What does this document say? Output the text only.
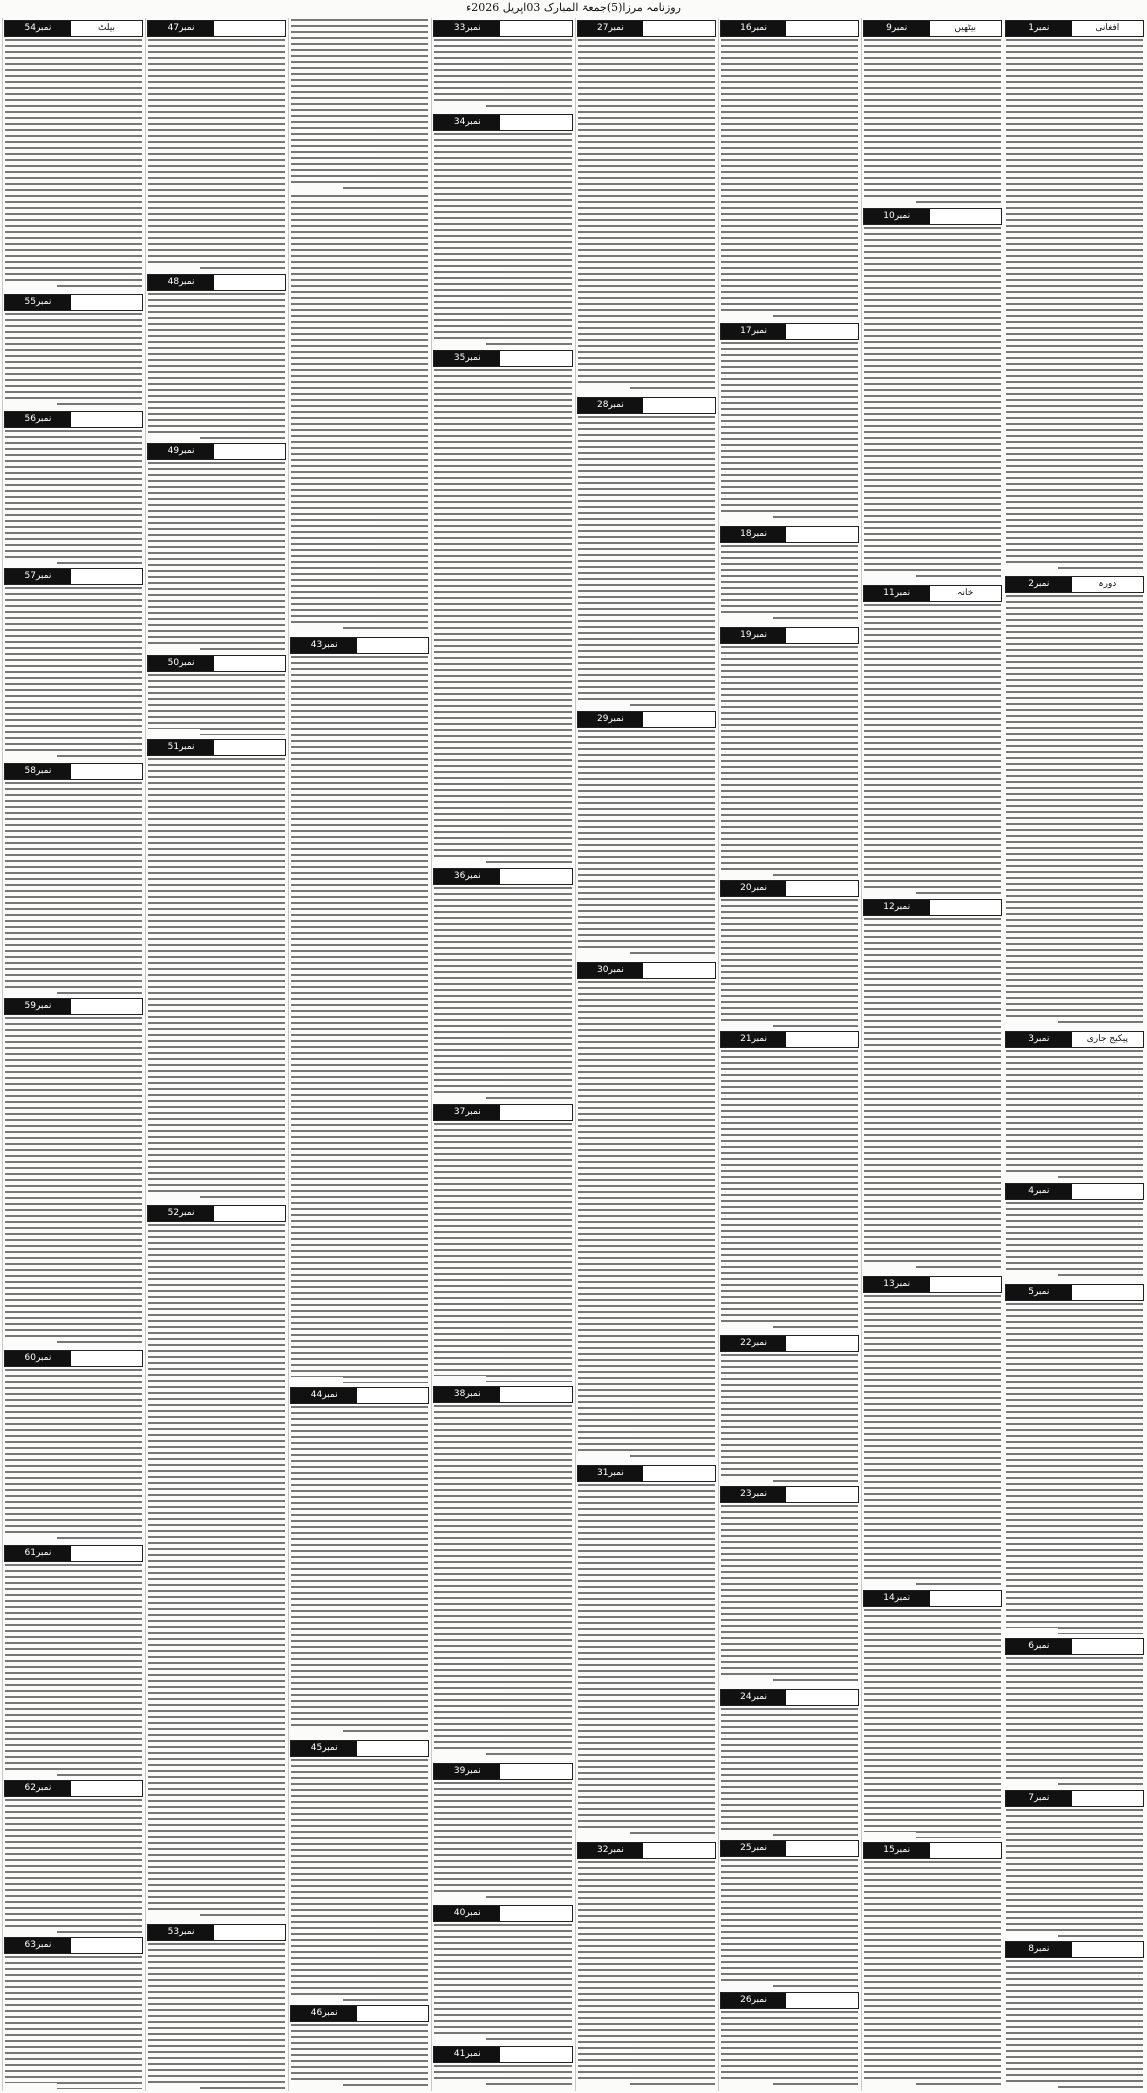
روزنامہ مرزا(5)جمعۃ المبارک 03اپریل 2026ء
نمبر1	افغانی
نمبر2	دورہ
نمبر3	پیکیج جاری
نمبر4
نمبر5
نمبر6
نمبر7
نمبر8
نمبر9	بیٹھیں
نمبر10
نمبر11	خانہ
نمبر12
نمبر13
نمبر14
نمبر15
نمبر16
نمبر17
نمبر18
نمبر19
نمبر20
نمبر21
نمبر22
نمبر23
نمبر24
نمبر25
نمبر26
نمبر27
نمبر28
نمبر29
نمبر30
نمبر31
نمبر32
نمبر33
نمبر34
نمبر35
نمبر36
نمبر37
نمبر38
نمبر39
نمبر40
نمبر41
نمبر43
نمبر44
نمبر45
نمبر46
نمبر47
نمبر48
نمبر49
نمبر50
نمبر51
نمبر52
نمبر53
نمبر54	بیلٹ
نمبر55
نمبر56
نمبر57
نمبر58
نمبر59
نمبر60
نمبر61
نمبر62
نمبر63
